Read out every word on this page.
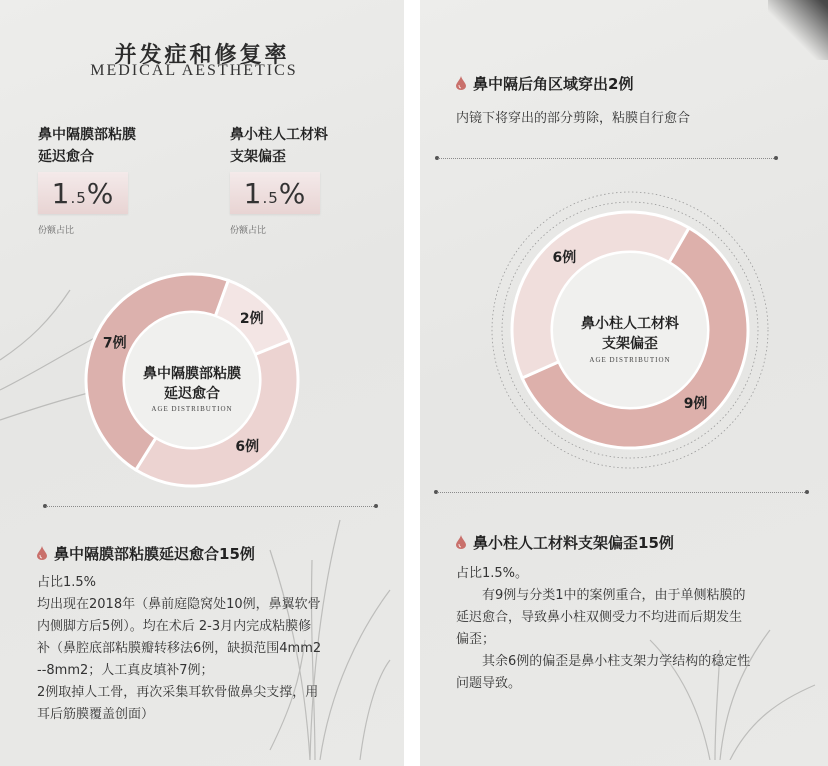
并发症和修复率
MEDICAL AESTHETICS
鼻中隔膜部粘膜
延迟愈合
1.5%
份额占比
鼻小柱人工材料
支架偏歪
1.5%
份额占比
2例
6例
7例
鼻中隔膜部粘膜
延迟愈合
AGE DISTRIBUTION
鼻中隔膜部粘膜延迟愈合15例

占比1.5%

均出现在2018年（鼻前庭隐窝处10例，鼻翼软骨

内侧脚方后5例）。均在术后 2-3月内完成粘膜修

补（鼻腔底部粘膜瓣转移法6例，缺损范围4mm2

--8mm2；人工真皮填补7例；

2例取掉人工骨，再次采集耳软骨做鼻尖支撑，用

耳后筋膜覆盖创面）

鼻中隔后角区域穿出2例
内镜下将穿出的部分剪除，粘膜自行愈合
9例
6例
鼻小柱人工材料
支架偏歪
AGE DISTRIBUTION
鼻小柱人工材料支架偏歪15例

占比1.5%。

有9例与分类1中的案例重合，由于单侧粘膜的

延迟愈合，导致鼻小柱双侧受力不均进而后期发生

偏歪；

其余6例的偏歪是鼻小柱支架力学结构的稳定性

问题导致。
